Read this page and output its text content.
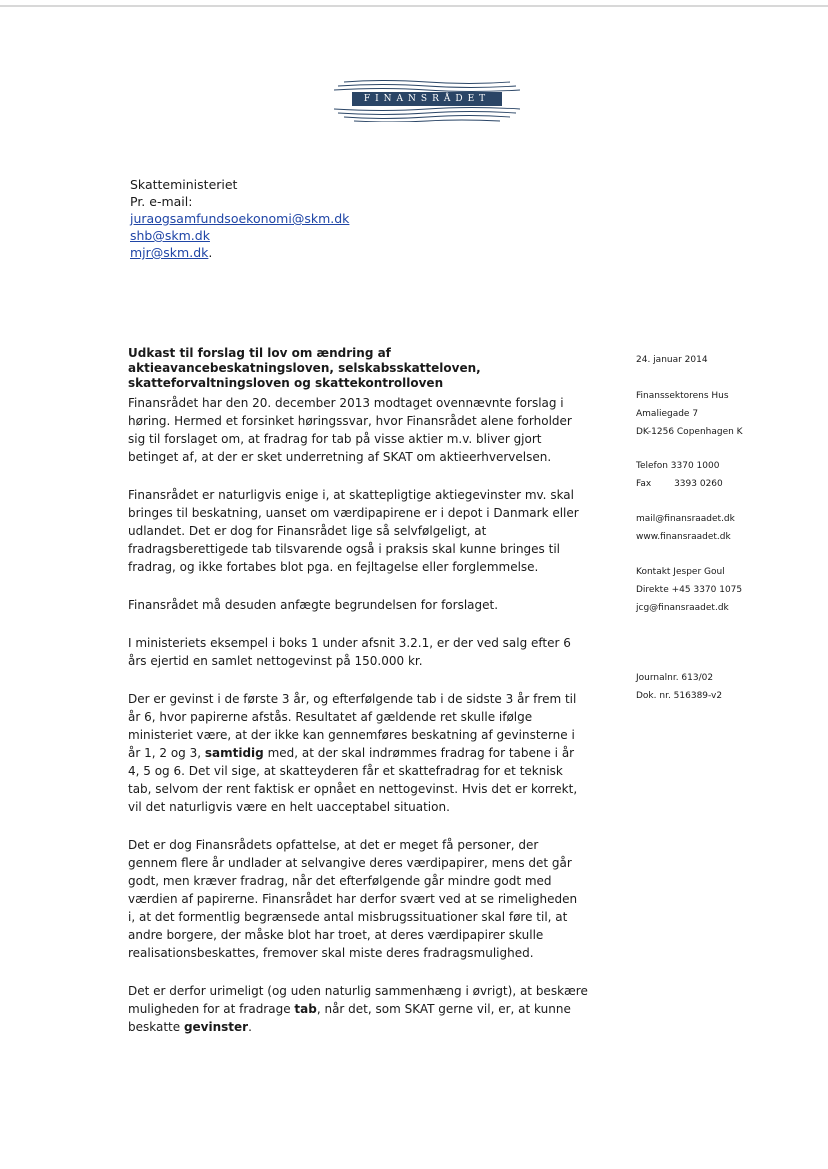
FINANSRÅDET
Skatteministeriet
Pr. e-mail:
juraogsamfundsoekonomi@skm.dk
shb@skm.dk
mjr@skm.dk.
Udkast til forslag til lov om ændring af aktieavancebeskatningsloven, selskabsskatteloven, skatteforvaltningsloven og skattekontrolloven

Finansrådet har den 20. december 2013 modtaget ovennævnte forslag i høring. Hermed et forsinket høringssvar, hvor Finansrådet alene forholder sig til forslaget om, at fradrag for tab på visse aktier m.v. bliver gjort betinget af, at der er sket underretning af SKAT om aktieerhvervelsen.

Finansrådet er naturligvis enige i, at skattepligtige aktiegevinster mv. skal bringes til beskatning, uanset om værdipapirene er i depot i Danmark eller udlandet. Det er dog for Finansrådet lige så selvfølgeligt, at fradragsberettigede tab tilsvarende også i praksis skal kunne bringes til fradrag, og ikke fortabes blot pga. en fejltagelse eller forglemmelse.

Finansrådet må desuden anfægte begrundelsen for forslaget.

I ministeriets eksempel i boks 1 under afsnit 3.2.1, er der ved salg efter 6 års ejertid en samlet nettogevinst på 150.000 kr.

Der er gevinst i de første 3 år, og efterfølgende tab i de sidste 3 år frem til år 6, hvor papirerne afstås. Resultatet af gældende ret skulle ifølge ministeriet være, at der ikke kan gennemføres beskatning af gevinsterne i år 1, 2 og 3, samtidig med, at der skal indrømmes fradrag for tabene i år 4, 5 og 6. Det vil sige, at skatteyderen får et skattefradrag for et teknisk tab, selvom der rent faktisk er opnået en nettogevinst. Hvis det er korrekt, vil det naturligvis være en helt uacceptabel situation.

Det er dog Finansrådets opfattelse, at det er meget få personer, der gennem flere år undlader at selvangive deres værdipapirer, mens det går godt, men kræver fradrag, når det efterfølgende går mindre godt med værdien af papirerne. Finansrådet har derfor svært ved at se rimeligheden i, at det formentlig begrænsede antal misbrugssituationer skal føre til, at andre borgere, der måske blot har troet, at deres værdipapirer skulle realisationsbeskattes, fremover skal miste deres fradragsmulighed.

Det er derfor urimeligt (og uden naturlig sammenhæng i øvrigt), at beskære muligheden for at fradrage tab, når det, som SKAT gerne vil, er, at kunne beskatte gevinster.

24. januar 2014
Finanssektorens Hus
Amaliegade 7
DK-1256 Copenhagen K
Telefon 3370 1000
Fax        3393 0260
mail@finansraadet.dk
www.finansraadet.dk
Kontakt Jesper Goul
Direkte +45 3370 1075
jcg@finansraadet.dk
Journalnr. 613/02
Dok. nr. 516389-v2
